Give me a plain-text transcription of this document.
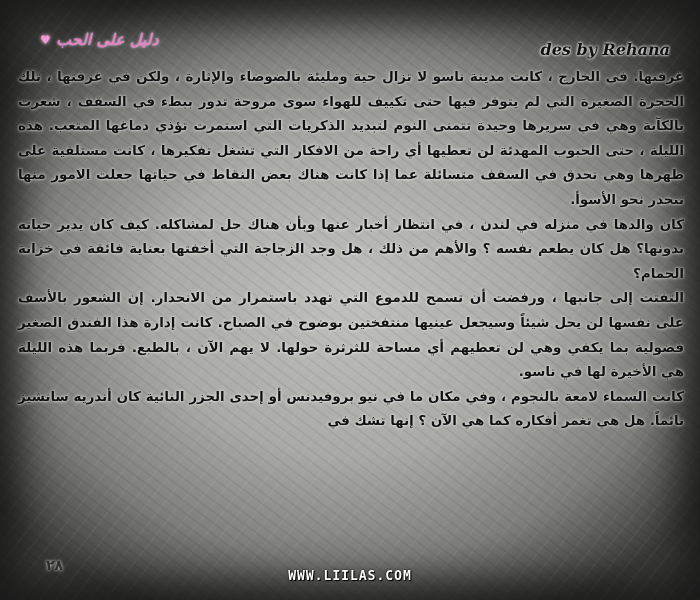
♥ دليل على الحب
des by Rehana

غرفتها. في الخارج ، كانت مدينة ناسو لا تزال حية ومليئة بالضوضاء والإثارة ، ولكن في غرفتها ، تلك الحجرة الصغيرة التي لم يتوفر فيها حتى تكييف للهواء سوى مروحة تدور ببطء في السقف ، شعرت بالكآبة وهي في سريرها وحيدة تتمنى النوم لتبديد الذكريات التي استمرت تؤذي دماغها المتعب. هذه الليلة ، حتى الحبوب المهدئة لن تعطيها أي راحة من الافكار التي تشغل تفكيرها ، كانت مستلقية على ظهرها وهي تحدق في السقف متسائلة عما إذا كانت هناك بعض النقاط في حياتها جعلت الامور منها تنحدر نحو الأسوأ.

كان والدها في منزله في لندن ، في انتظار أخبار عنها وبأن هناك حل لمشاكله. كيف كان يدير حياته بدونها؟ هل كان يطعم نفسه ؟ والأهم من ذلك ، هل وجد الزجاجة التي أخفتها بعناية فائقة في خزانة الحمام؟

التفتت إلى جانبها ، ورفضت أن تسمح للدموع التي تهدد باستمرار من الانحدار. إن الشعور بالأسف على نفسها لن يحل شيئاً وسيجعل عينيها منتفختين بوضوح في الصباح. كانت إدارة هذا الفندق الصغير فضولية بما يكفي وهي لن تعطيهم أي مساحة للثرثرة حولها. لا يهم الآن ، بالطبع. فربما هذه الليلة هي الأخيرة لها في ناسو.

كانت السماء لامعة بالنجوم ، وفي مكان ما في نيو بروفيدنس أو إحدى الجزر النائية كان أندريه سانشيز نائماً. هل هي تغمر أفكاره كما هي الآن ؟ إنها تشك في

٢٨
WWW.LIILAS.COM
